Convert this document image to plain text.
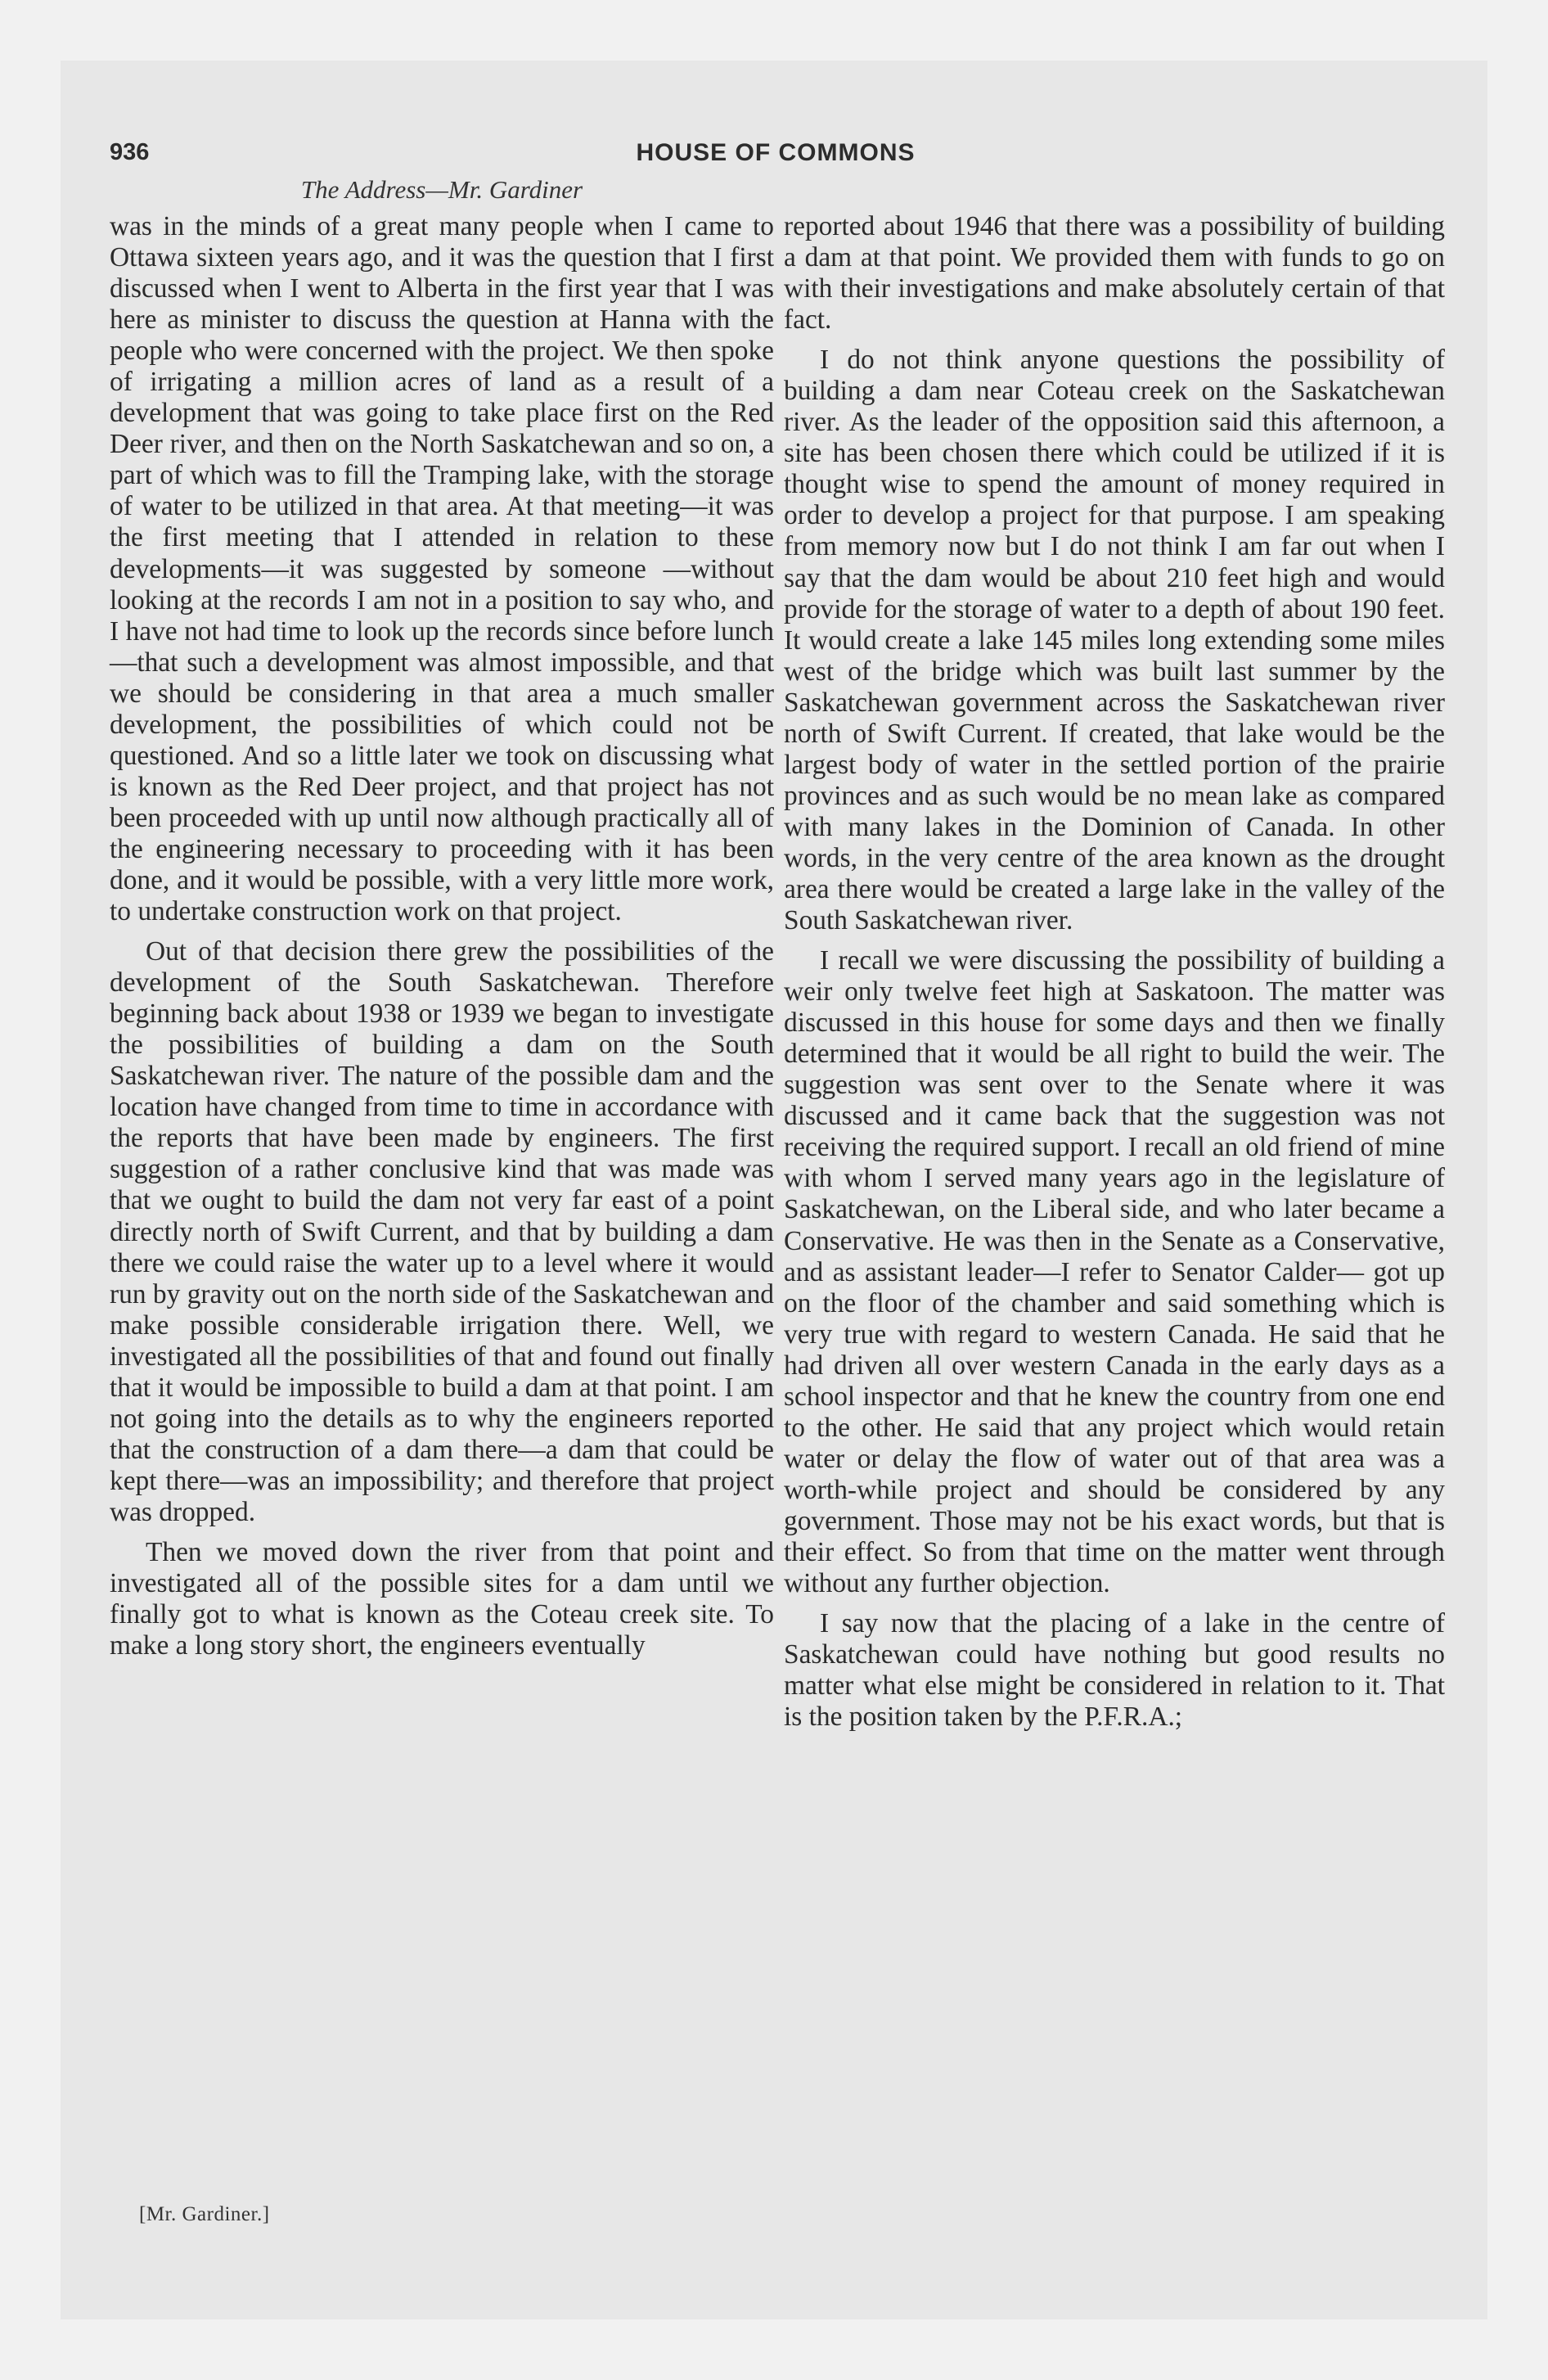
936	HOUSE OF COMMONS
The Address—Mr. Gardiner

was in the minds of a great many people when I came to Ottawa sixteen years ago, and it was the question that I first discussed when I went to Alberta in the first year that I was here as minister to discuss the question at Hanna with the people who were concerned with the project. We then spoke of irrigating a million acres of land as a result of a development that was going to take place first on the Red Deer river, and then on the North Saskatchewan and so on, a part of which was to fill the Tramping lake, with the storage of water to be utilized in that area. At that meeting—it was the first meeting that I attended in relation to these developments—it was suggested by someone —without looking at the records I am not in a position to say who, and I have not had time to look up the records since before lunch—that such a development was almost impossible, and that we should be considering in that area a much smaller development, the possibilities of which could not be questioned. And so a little later we took on discussing what is known as the Red Deer project, and that project has not been proceeded with up until now although practically all of the engineering necessary to proceeding with it has been done, and it would be possible, with a very little more work, to undertake construction work on that project.

Out of that decision there grew the possibilities of the development of the South Saskatchewan. Therefore beginning back about 1938 or 1939 we began to investigate the possibilities of building a dam on the South Saskatchewan river. The nature of the possible dam and the location have changed from time to time in accordance with the reports that have been made by engineers. The first suggestion of a rather conclusive kind that was made was that we ought to build the dam not very far east of a point directly north of Swift Current, and that by building a dam there we could raise the water up to a level where it would run by gravity out on the north side of the Saskatchewan and make possible considerable irrigation there. Well, we investigated all the possibilities of that and found out finally that it would be impossible to build a dam at that point. I am not going into the details as to why the engineers reported that the construction of a dam there—a dam that could be kept there—was an impossibility; and therefore that project was dropped.

Then we moved down the river from that point and investigated all of the possible sites for a dam until we finally got to what is known as the Coteau creek site. To make a long story short, the engineers eventually

reported about 1946 that there was a possibility of building a dam at that point. We provided them with funds to go on with their investigations and make absolutely certain of that fact.

I do not think anyone questions the possibility of building a dam near Coteau creek on the Saskatchewan river. As the leader of the opposition said this afternoon, a site has been chosen there which could be utilized if it is thought wise to spend the amount of money required in order to develop a project for that purpose. I am speaking from memory now but I do not think I am far out when I say that the dam would be about 210 feet high and would provide for the storage of water to a depth of about 190 feet. It would create a lake 145 miles long extending some miles west of the bridge which was built last summer by the Saskatchewan government across the Saskatchewan river north of Swift Current. If created, that lake would be the largest body of water in the settled portion of the prairie provinces and as such would be no mean lake as compared with many lakes in the Dominion of Canada. In other words, in the very centre of the area known as the drought area there would be created a large lake in the valley of the South Saskatchewan river.

I recall we were discussing the possibility of building a weir only twelve feet high at Saskatoon. The matter was discussed in this house for some days and then we finally determined that it would be all right to build the weir. The suggestion was sent over to the Senate where it was discussed and it came back that the suggestion was not receiving the required support. I recall an old friend of mine with whom I served many years ago in the legislature of Saskatchewan, on the Liberal side, and who later became a Conservative. He was then in the Senate as a Conservative, and as assistant leader—I refer to Senator Calder— got up on the floor of the chamber and said something which is very true with regard to western Canada. He said that he had driven all over western Canada in the early days as a school inspector and that he knew the country from one end to the other. He said that any project which would retain water or delay the flow of water out of that area was a worth-while project and should be considered by any government. Those may not be his exact words, but that is their effect. So from that time on the matter went through without any further objection.

I say now that the placing of a lake in the centre of Saskatchewan could have nothing but good results no matter what else might be considered in relation to it. That is the position taken by the P.F.R.A.;

[Mr. Gardiner.]
